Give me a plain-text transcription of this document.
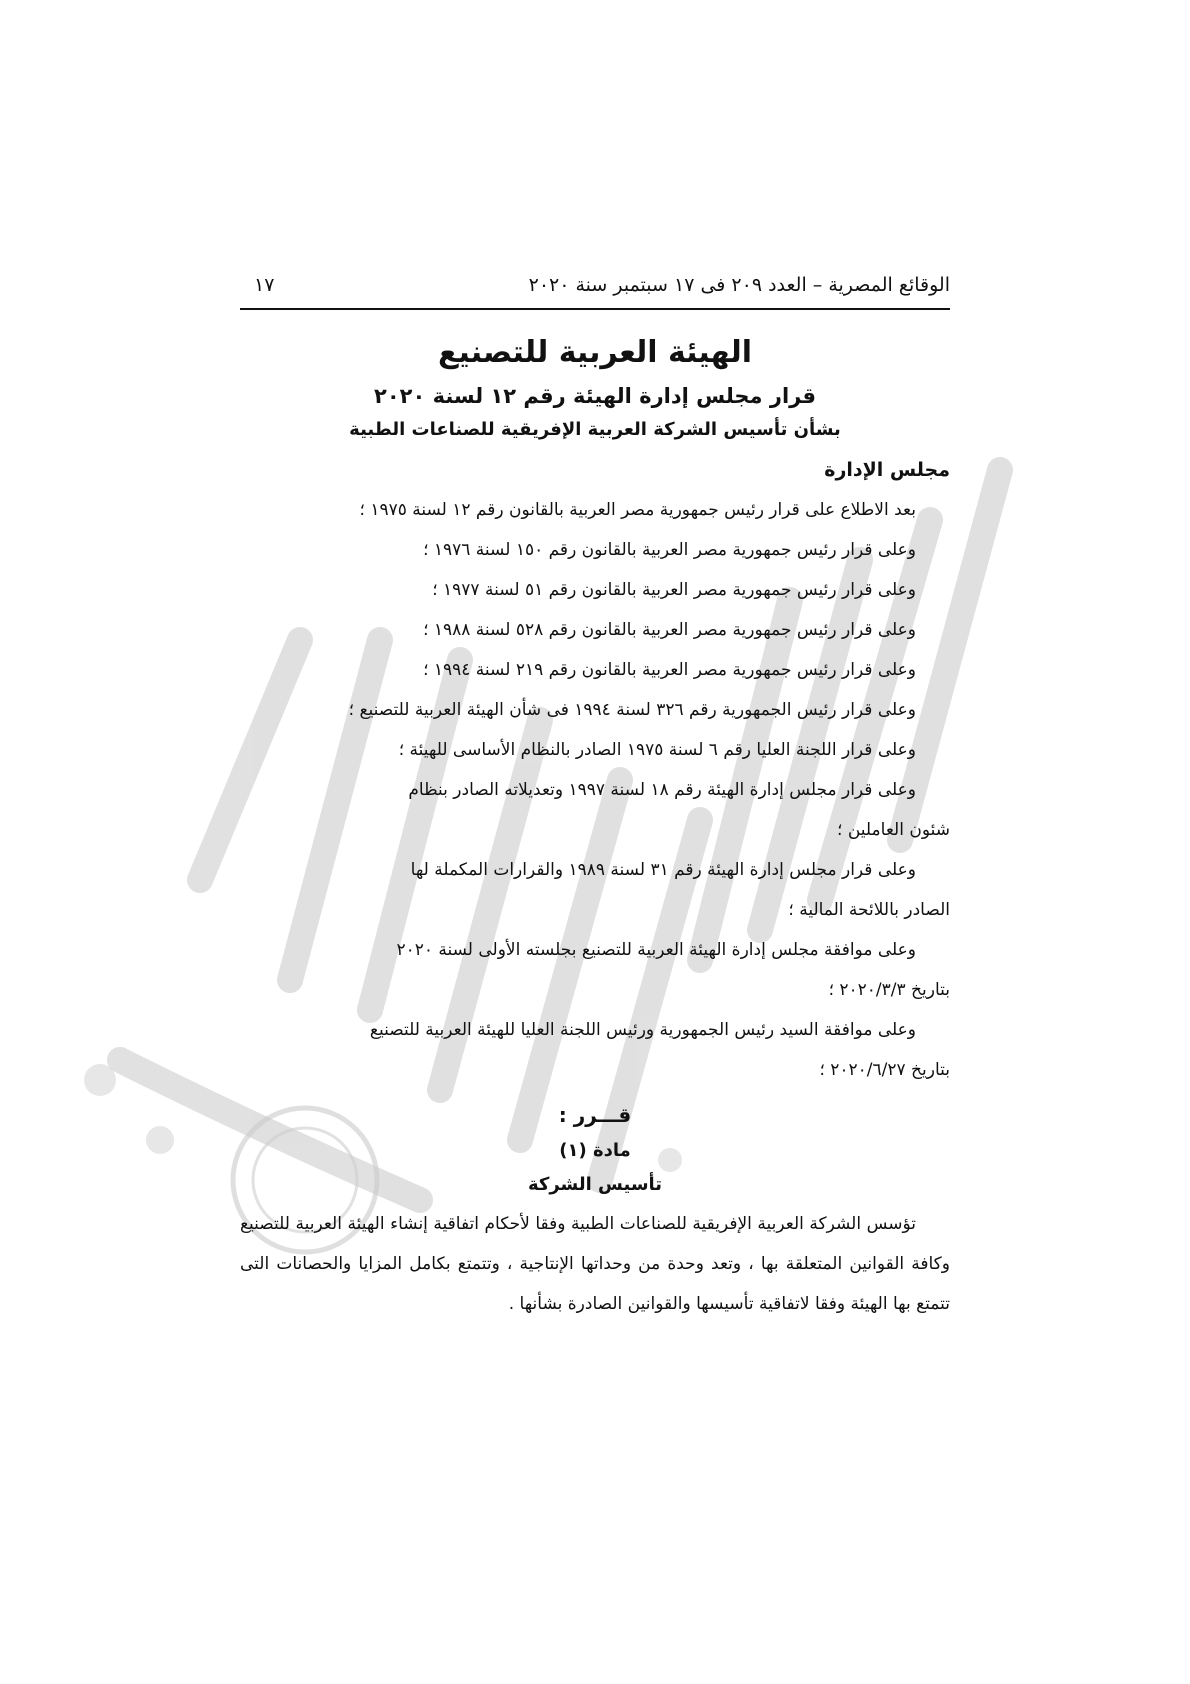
الوقائع المصرية – العدد ٢٠٩ فى ١٧ سبتمبر سنة ٢٠٢٠
١٧
الهيئة العربية للتصنيع
قرار مجلس إدارة الهيئة رقم ١٢ لسنة ٢٠٢٠
بشأن تأسيس الشركة العربية الإفريقية للصناعات الطبية
مجلس الإدارة

بعد الاطلاع على قرار رئيس جمهورية مصر العربية بالقانون رقم ١٢ لسنة ١٩٧٥ ؛

وعلى قرار رئيس جمهورية مصر العربية بالقانون رقم ١٥٠ لسنة ١٩٧٦ ؛

وعلى قرار رئيس جمهورية مصر العربية بالقانون رقم ٥١ لسنة ١٩٧٧ ؛

وعلى قرار رئيس جمهورية مصر العربية بالقانون رقم ٥٢٨ لسنة ١٩٨٨ ؛

وعلى قرار رئيس جمهورية مصر العربية بالقانون رقم ٢١٩ لسنة ١٩٩٤ ؛

وعلى قرار رئيس الجمهورية رقم ٣٢٦ لسنة ١٩٩٤ فى شأن الهيئة العربية للتصنيع ؛

وعلى قرار اللجنة العليا رقم ٦ لسنة ١٩٧٥ الصادر بالنظام الأساسى للهيئة ؛

وعلى قرار مجلس إدارة الهيئة رقم ١٨ لسنة ١٩٩٧ وتعديلاته الصادر بنظام

شئون العاملين ؛

وعلى قرار مجلس إدارة الهيئة رقم ٣١ لسنة ١٩٨٩ والقرارات المكملة لها

الصادر باللائحة المالية ؛

وعلى موافقة مجلس إدارة الهيئة العربية للتصنيع بجلسته الأولى لسنة ٢٠٢٠

بتاريخ ٢٠٢٠/٣/٣ ؛

وعلى موافقة السيد رئيس الجمهورية ورئيس اللجنة العليا للهيئة العربية للتصنيع

بتاريخ ٢٠٢٠/٦/٢٧ ؛

قـــرر :
مادة (١)
تأسيس الشركة

تؤسس الشركة العربية الإفريقية للصناعات الطبية وفقا لأحكام اتفاقية إنشاء الهيئة العربية للتصنيع وكافة القوانين المتعلقة بها ، وتعد وحدة من وحداتها الإنتاجية ، وتتمتع بكامل المزايا والحصانات التى تتمتع بها الهيئة وفقا لاتفاقية تأسيسها والقوانين الصادرة بشأنها .
